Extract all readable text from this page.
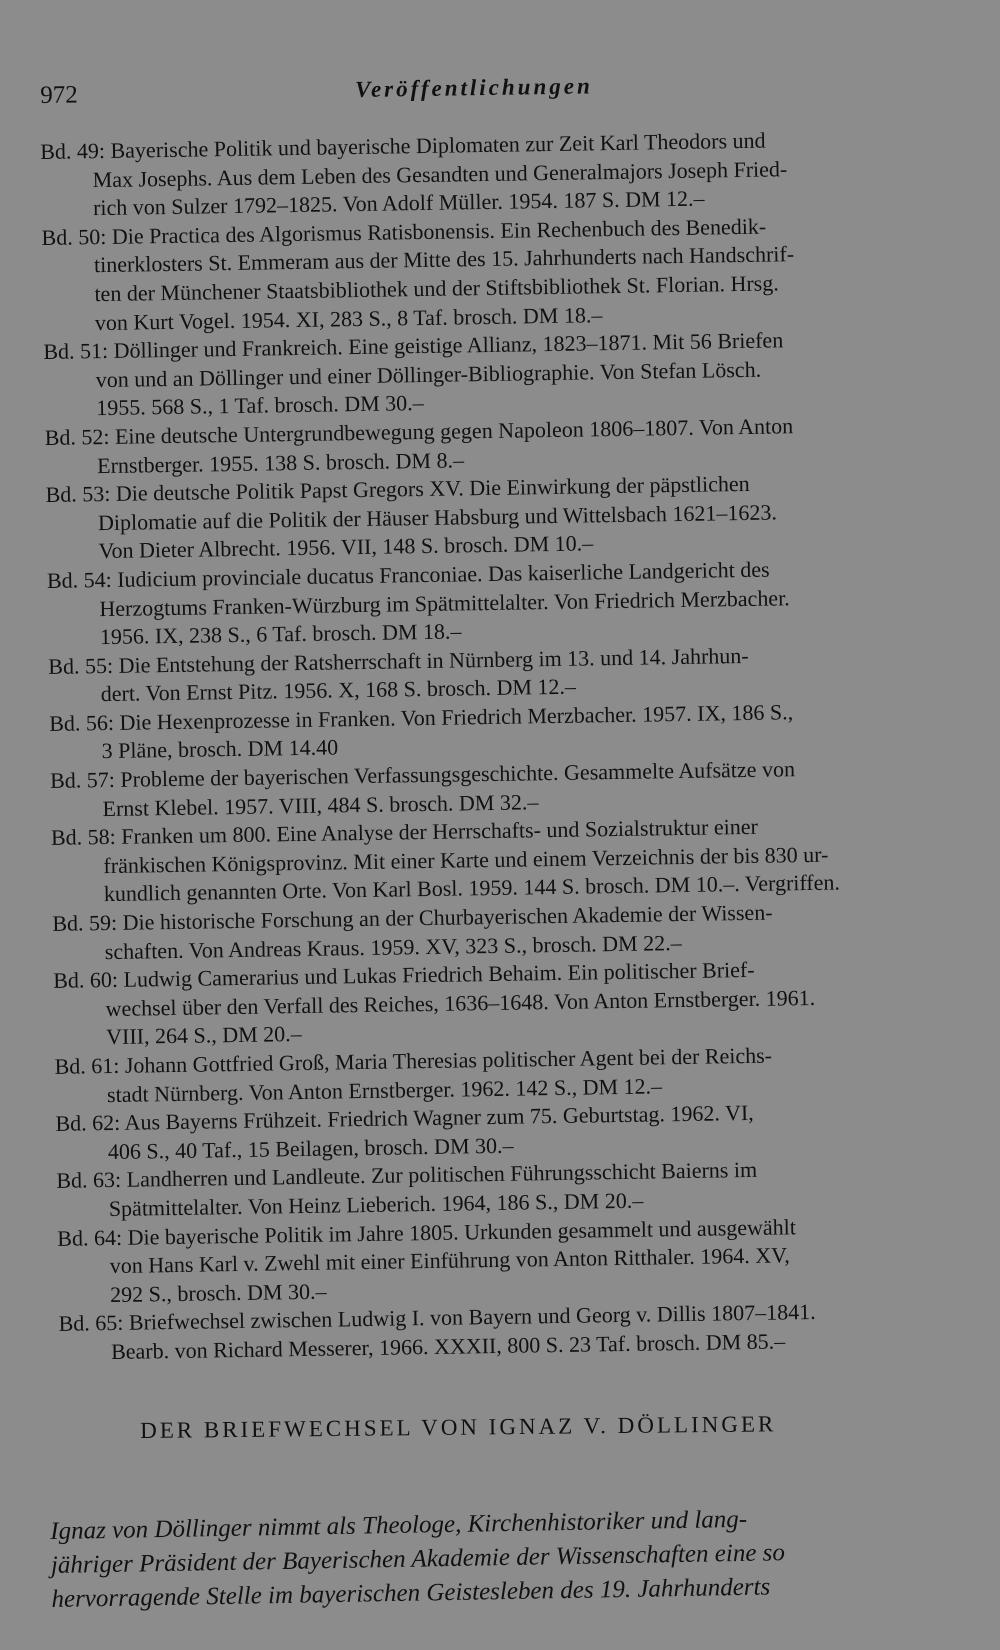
972	Veröffentlichungen

Bd. 49: Bayerische Politik und bayerische Diplomaten zur Zeit Karl Theodors und
Max Josephs. Aus dem Leben des Gesandten und Generalmajors Joseph Fried-
rich von Sulzer 1792–1825. Von Adolf Müller. 1954. 187 S. DM 12.–

Bd. 50: Die Practica des Algorismus Ratisbonensis. Ein Rechenbuch des Benedik-
tinerklosters St. Emmeram aus der Mitte des 15. Jahrhunderts nach Handschrif-
ten der Münchener Staatsbibliothek und der Stiftsbibliothek St. Florian. Hrsg.
von Kurt Vogel. 1954. XI, 283 S., 8 Taf. brosch. DM 18.–

Bd. 51: Döllinger und Frankreich. Eine geistige Allianz, 1823–1871. Mit 56 Briefen
von und an Döllinger und einer Döllinger-Bibliographie. Von Stefan Lösch.
1955. 568 S., 1 Taf. brosch. DM 30.–

Bd. 52: Eine deutsche Untergrundbewegung gegen Napoleon 1806–1807. Von Anton
Ernstberger. 1955. 138 S. brosch. DM 8.–

Bd. 53: Die deutsche Politik Papst Gregors XV. Die Einwirkung der päpstlichen
Diplomatie auf die Politik der Häuser Habsburg und Wittelsbach 1621–1623.
Von Dieter Albrecht. 1956. VII, 148 S. brosch. DM 10.–

Bd. 54: Iudicium provinciale ducatus Franconiae. Das kaiserliche Landgericht des
Herzogtums Franken-Würzburg im Spätmittelalter. Von Friedrich Merzbacher.
1956. IX, 238 S., 6 Taf. brosch. DM 18.–

Bd. 55: Die Entstehung der Ratsherrschaft in Nürnberg im 13. und 14. Jahrhun-
dert. Von Ernst Pitz. 1956. X, 168 S. brosch. DM 12.–

Bd. 56: Die Hexenprozesse in Franken. Von Friedrich Merzbacher. 1957. IX, 186 S.,
3 Pläne, brosch. DM 14.40

Bd. 57: Probleme der bayerischen Verfassungsgeschichte. Gesammelte Aufsätze von
Ernst Klebel. 1957. VIII, 484 S. brosch. DM 32.–

Bd. 58: Franken um 800. Eine Analyse der Herrschafts- und Sozialstruktur einer
fränkischen Königsprovinz. Mit einer Karte und einem Verzeichnis der bis 830 ur-
kundlich genannten Orte. Von Karl Bosl. 1959. 144 S. brosch. DM 10.–. Vergriffen.

Bd. 59: Die historische Forschung an der Churbayerischen Akademie der Wissen-
schaften. Von Andreas Kraus. 1959. XV, 323 S., brosch. DM 22.–

Bd. 60: Ludwig Camerarius und Lukas Friedrich Behaim. Ein politischer Brief-
wechsel über den Verfall des Reiches, 1636–1648. Von Anton Ernstberger. 1961.
VIII, 264 S., DM 20.–

Bd. 61: Johann Gottfried Groß, Maria Theresias politischer Agent bei der Reichs-
stadt Nürnberg. Von Anton Ernstberger. 1962. 142 S., DM 12.–

Bd. 62: Aus Bayerns Frühzeit. Friedrich Wagner zum 75. Geburtstag. 1962. VI,
406 S., 40 Taf., 15 Beilagen, brosch. DM 30.–

Bd. 63: Landherren und Landleute. Zur politischen Führungsschicht Baierns im
Spätmittelalter. Von Heinz Lieberich. 1964, 186 S., DM 20.–

Bd. 64: Die bayerische Politik im Jahre 1805. Urkunden gesammelt und ausgewählt
von Hans Karl v. Zwehl mit einer Einführung von Anton Ritthaler. 1964. XV,
292 S., brosch. DM 30.–

Bd. 65: Briefwechsel zwischen Ludwig I. von Bayern und Georg v. Dillis 1807–1841.
Bearb. von Richard Messerer, 1966. XXXII, 800 S. 23 Taf. brosch. DM 85.–

DER BRIEFWECHSEL VON IGNAZ V. DÖLLINGER
Ignaz von Döllinger nimmt als Theologe, Kirchenhistoriker und lang-
jähriger Präsident der Bayerischen Akademie der Wissenschaften eine so
hervorragende Stelle im bayerischen Geistesleben des 19. Jahrhunderts
